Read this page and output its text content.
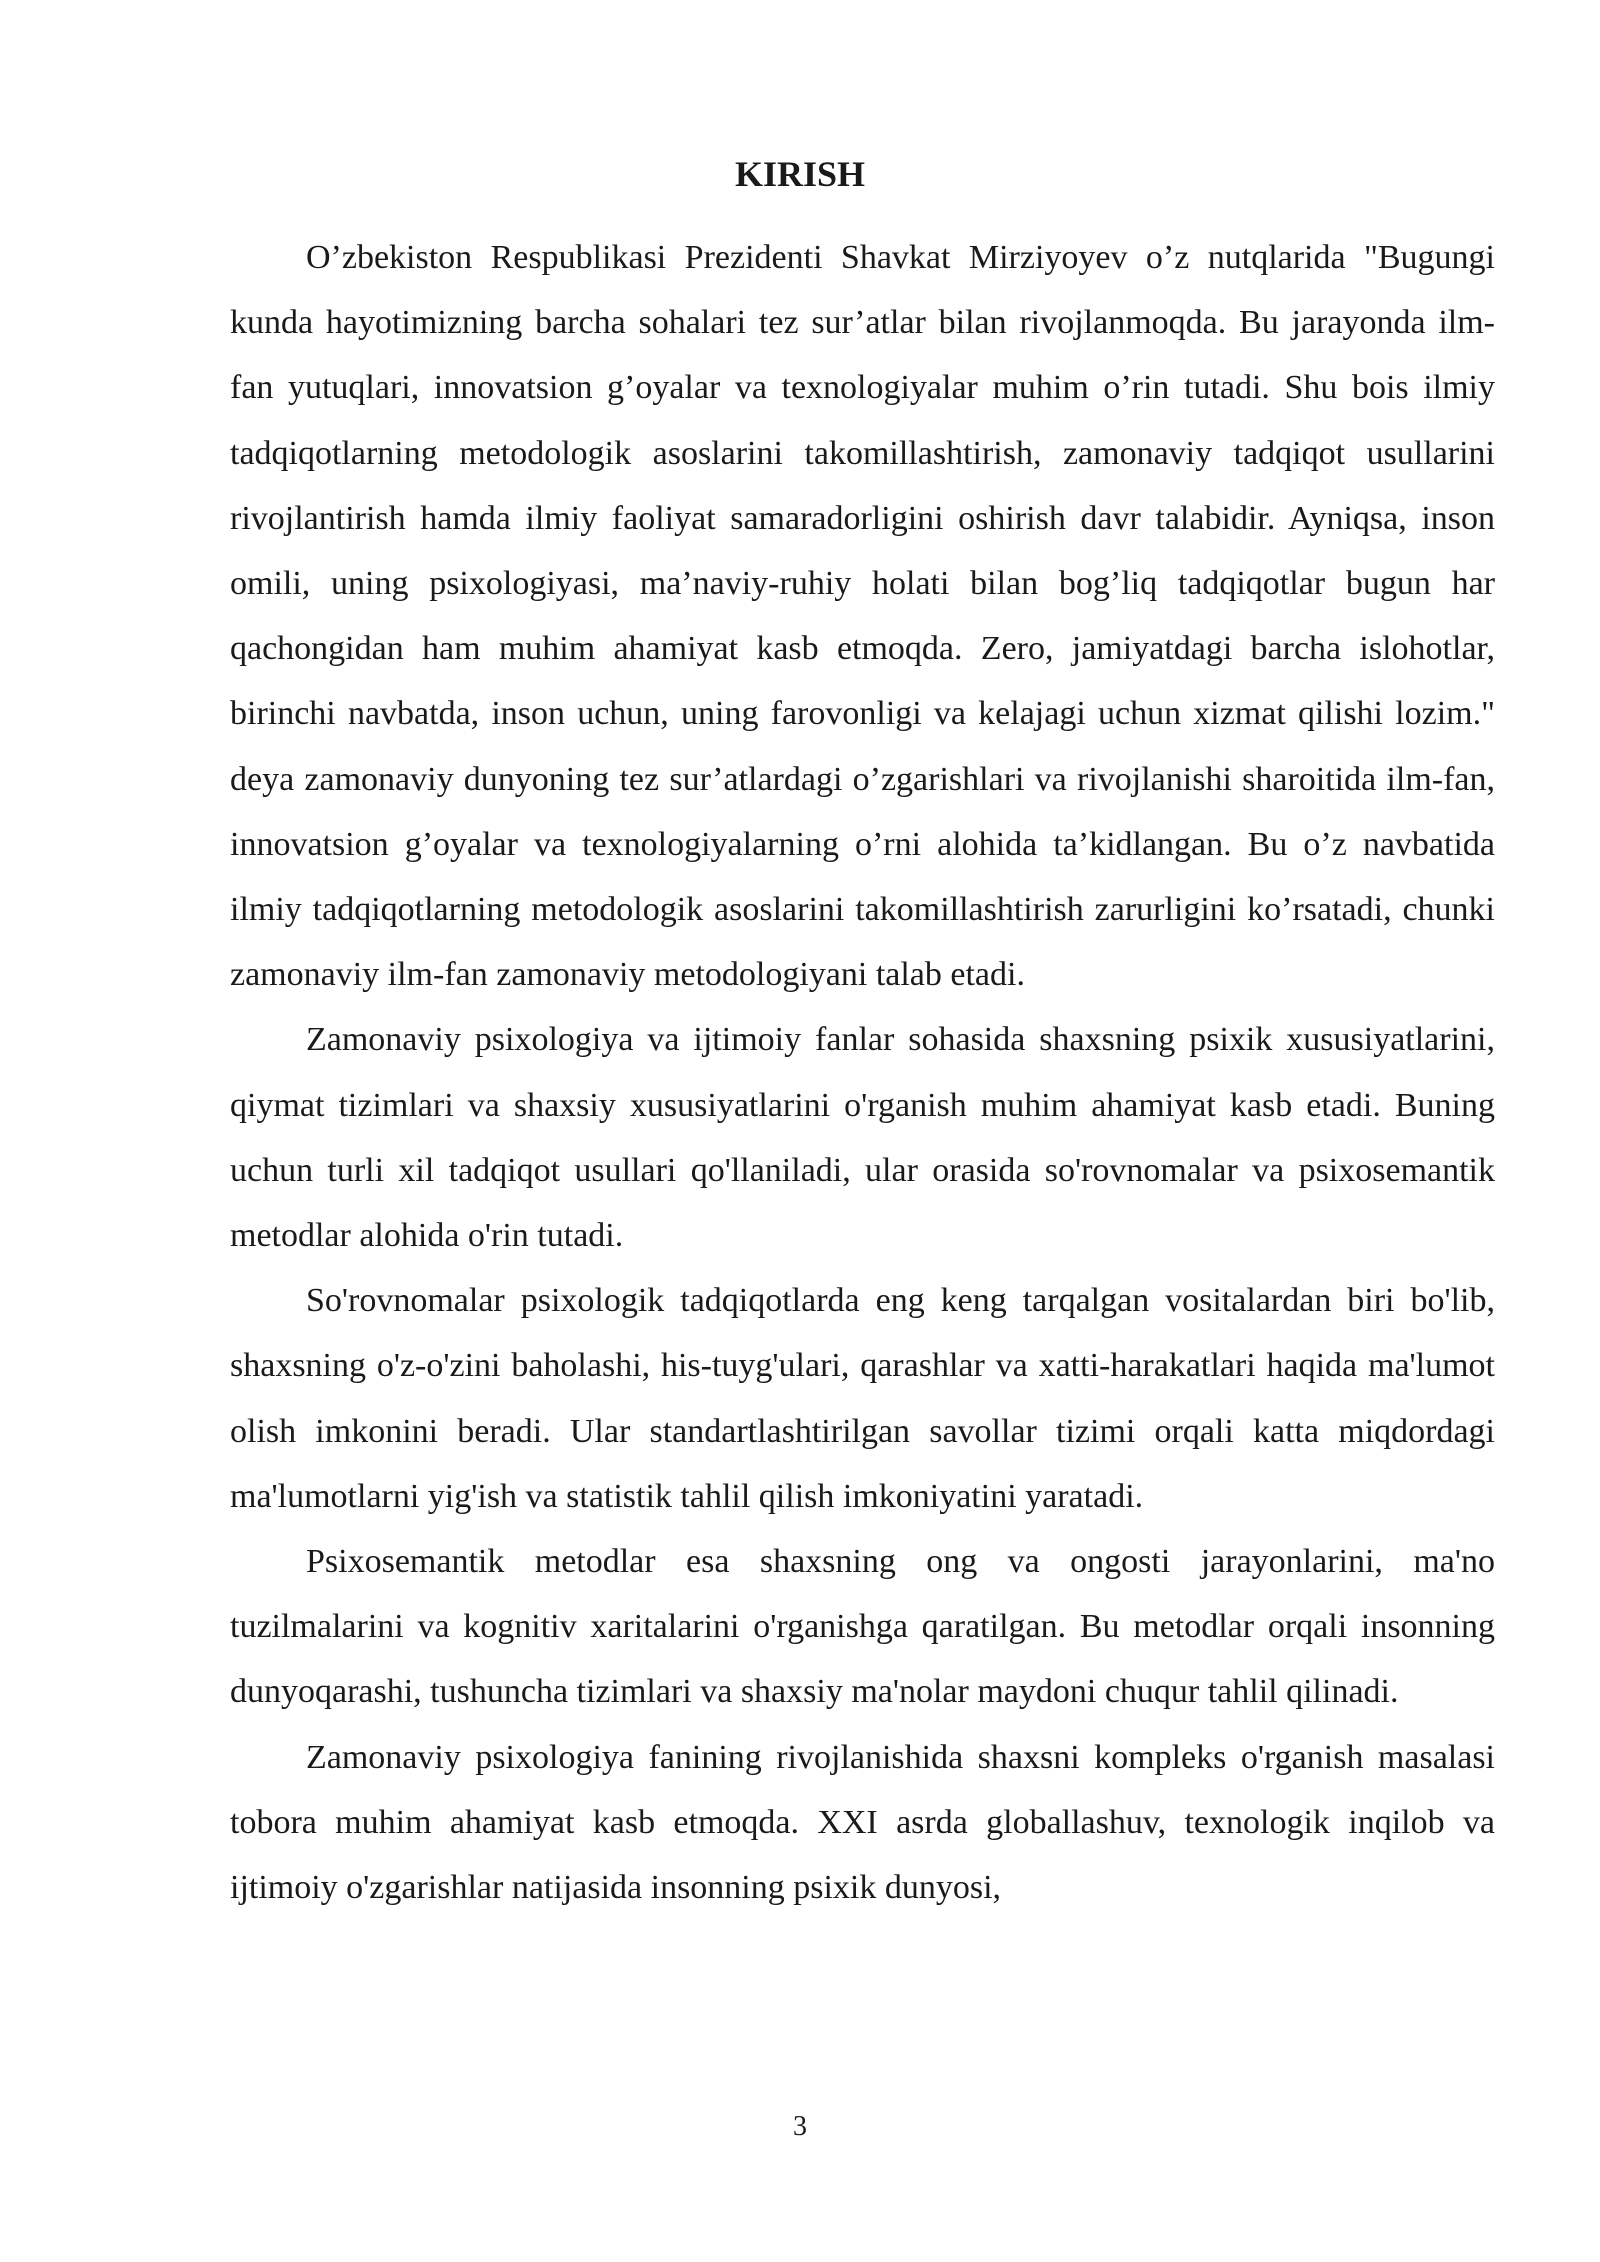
KIRISH

O’zbekiston Respublikasi Prezidenti Shavkat Mirziyoyev o’z nutqlarida "Bugungi kunda hayotimizning barcha sohalari tez sur’atlar bilan rivojlanmoqda. Bu jarayonda ilm-fan yutuqlari, innovatsion g’oyalar va texnologiyalar muhim o’rin tutadi. Shu bois ilmiy tadqiqotlarning metodologik asoslarini takomillashtirish, zamonaviy tadqiqot usullarini rivojlantirish hamda ilmiy faoliyat samaradorligini oshirish davr talabidir. Ayniqsa, inson omili, uning psixologiyasi, ma’naviy-ruhiy holati bilan bog’liq tadqiqotlar bugun har qachongidan ham muhim ahamiyat kasb etmoqda. Zero, jamiyatdagi barcha islohotlar, birinchi navbatda, inson uchun, uning farovonligi va kelajagi uchun xizmat qilishi lozim." deya zamonaviy dunyoning tez sur’atlardagi o’zgarishlari va rivojlanishi sharoitida ilm-fan, innovatsion g’oyalar va texnologiyalarning o’rni alohida ta’kidlangan. Bu o’z navbatida ilmiy tadqiqotlarning metodologik asoslarini takomillashtirish zarurligini ko’rsatadi, chunki zamonaviy ilm-fan zamonaviy metodologiyani talab etadi.

Zamonaviy psixologiya va ijtimoiy fanlar sohasida shaxsning psixik xususiyatlarini, qiymat tizimlari va shaxsiy xususiyatlarini o'rganish muhim ahamiyat kasb etadi. Buning uchun turli xil tadqiqot usullari qo'llaniladi, ular orasida so'rovnomalar va psixosemantik metodlar alohida o'rin tutadi.

So'rovnomalar psixologik tadqiqotlarda eng keng tarqalgan vositalardan biri bo'lib, shaxsning o'z-o'zini baholashi, his-tuyg'ulari, qarashlar va xatti-harakatlari haqida ma'lumot olish imkonini beradi. Ular standartlashtirilgan savollar tizimi orqali katta miqdordagi ma'lumotlarni yig'ish va statistik tahlil qilish imkoniyatini yaratadi.

Psixosemantik metodlar esa shaxsning ong va ongosti jarayonlarini, ma'no tuzilmalarini va kognitiv xaritalarini o'rganishga qaratilgan. Bu metodlar orqali insonning dunyoqarashi, tushuncha tizimlari va shaxsiy ma'nolar maydoni chuqur tahlil qilinadi.

Zamonaviy psixologiya fanining rivojlanishida shaxsni kompleks o'rganish masalasi tobora muhim ahamiyat kasb etmoqda. XXI asrda globallashuv, texnologik inqilob va ijtimoiy o'zgarishlar natijasida insonning psixik dunyosi,

3
